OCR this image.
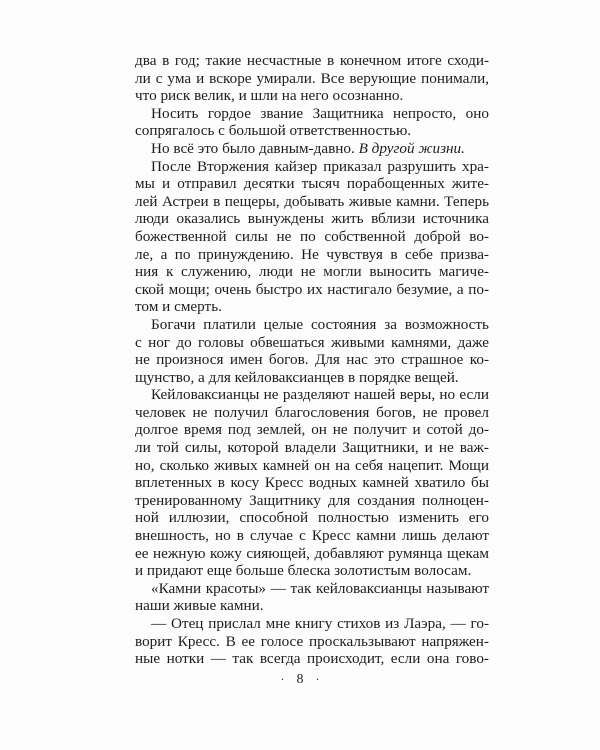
два в год; такие несчастные в конечном итоге сходи-
ли с ума и вскоре умирали. Все верующие понимали,
что риск велик, и шли на него осознанно.
Носить гордое звание Защитника непросто, оно
сопрягалось с большой ответственностью.
Но всё это было давным-давно. В другой жизни.
После Вторжения кайзер приказал разрушить хра-
мы и отправил десятки тысяч порабощенных жите-
лей Астреи в пещеры, добывать живые камни. Теперь
люди оказались вынуждены жить вблизи источника
божественной силы не по собственной доброй во-
ле, а по принуждению. Не чувствуя в себе призва-
ния к служению, люди не могли выносить магиче-
ской мощи; очень быстро их настигало безумие, а по-
том и смерть.
Богачи платили целые состояния за возможность
с ног до головы обвешаться живыми камнями, даже
не произнося имен богов. Для нас это страшное ко-
щунство, а для кейловаксианцев в порядке вещей.
Кейловаксианцы не разделяют нашей веры, но если
человек не получил благословения богов, не провел
долгое время под землей, он не получит и сотой до-
ли той силы, которой владели Защитники, и не важ-
но, сколько живых камней он на себя нацепит. Мощи
вплетенных в косу Кресс водных камней хватило бы
тренированному Защитнику для создания полноцен-
ной иллюзии, способной полностью изменить его
внешность, но в случае с Кресс камни лишь делают
ее нежную кожу сияющей, добавляют румянца щекам
и придают еще больше блеска золотистым волосам.
«Камни красоты» — так кейловаксианцы называют
наши живые камни.
— Отец прислал мне книгу стихов из Лаэра, — го-
ворит Кресс. В ее голосе проскальзывают напряжен-
ные нотки — так всегда происходит, если она гово-
· 8 ·
